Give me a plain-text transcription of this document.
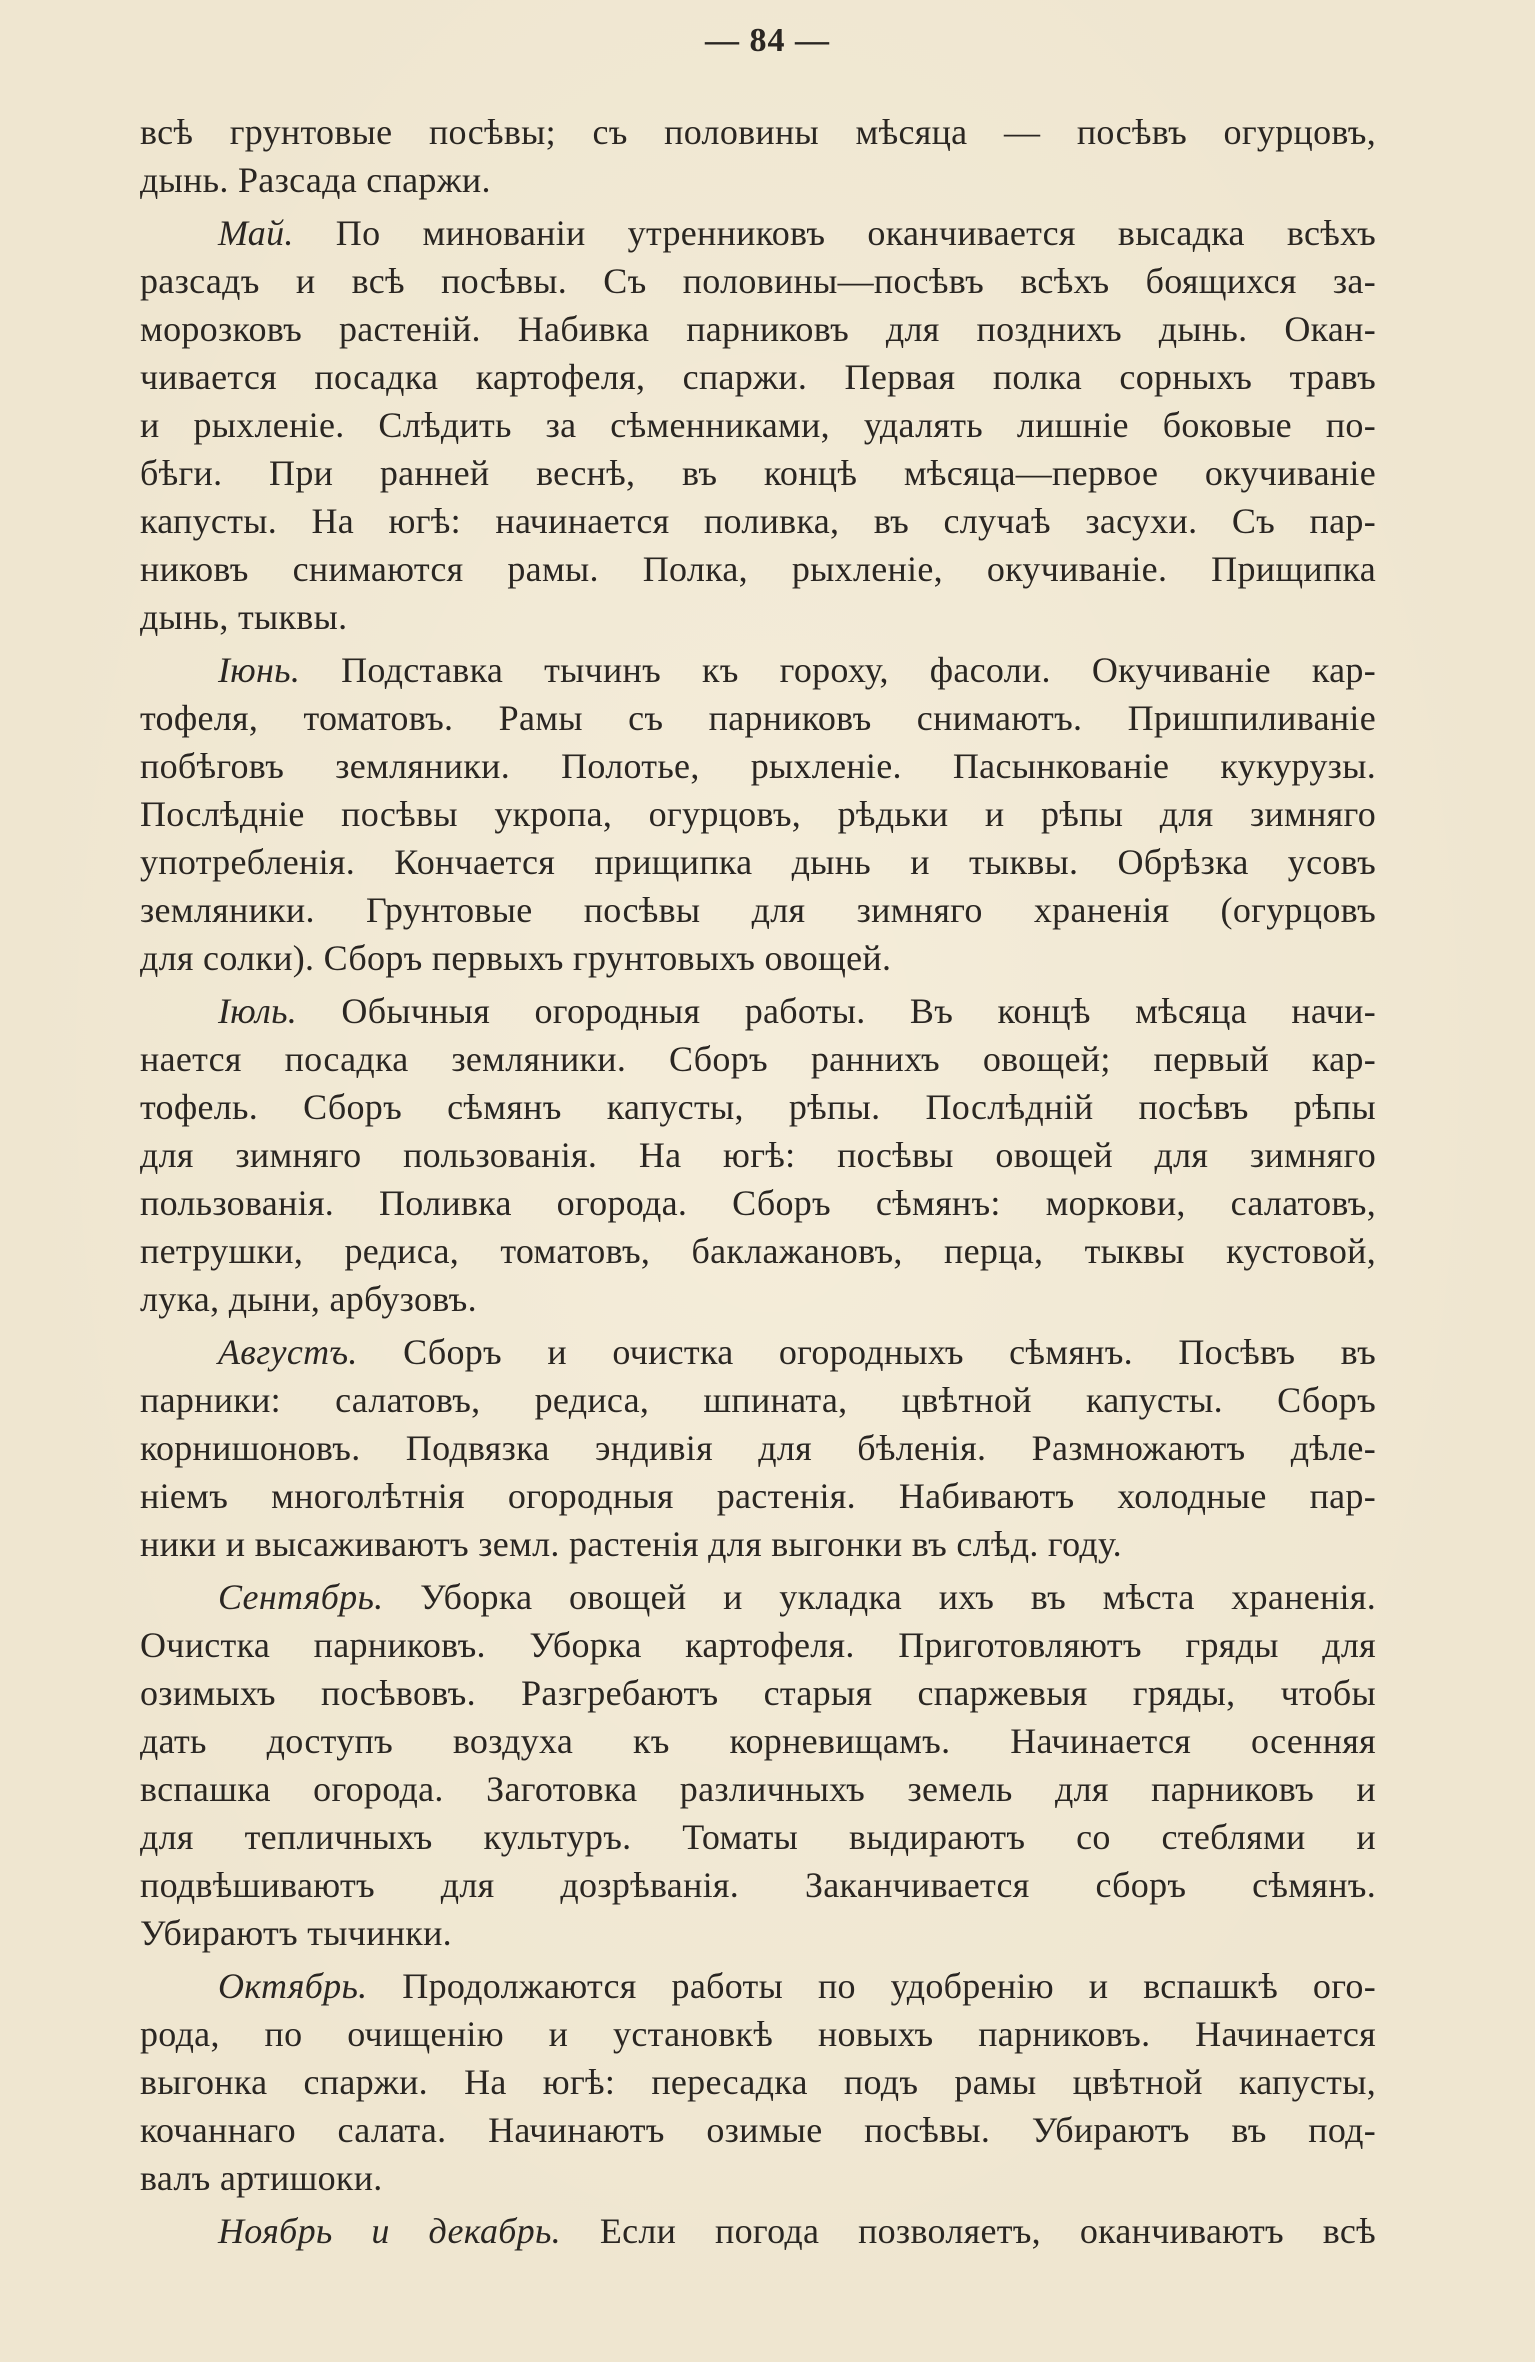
— 84 —
всѣ грунтовые посѣвы; съ половины мѣсяца — посѣвъ огурцовъ,
дынь. Разсада спаржи.
Май. По минованіи утренниковъ оканчивается высадка всѣхъ
разсадъ и всѣ посѣвы. Съ половины—посѣвъ всѣхъ боящихся за-
морозковъ растеній. Набивка парниковъ для позднихъ дынь. Окан-
чивается посадка картофеля, спаржи. Первая полка сорныхъ травъ
и рыхленіе. Слѣдить за сѣменниками, удалять лишніе боковые по-
бѣги. При ранней веснѣ, въ концѣ мѣсяца—первое окучиваніе
капусты. На югѣ: начинается поливка, въ случаѣ засухи. Съ пар-
никовъ снимаются рамы. Полка, рыхленіе, окучиваніе. Прищипка
дынь, тыквы.
Іюнь. Подставка тычинъ къ гороху, фасоли. Окучиваніе кар-
тофеля, томатовъ. Рамы съ парниковъ снимаютъ. Пришпиливаніе
побѣговъ земляники. Полотье, рыхленіе. Пасынкованіе кукурузы.
Послѣдніе посѣвы укропа, огурцовъ, рѣдьки и рѣпы для зимняго
употребленія. Кончается прищипка дынь и тыквы. Обрѣзка усовъ
земляники. Грунтовые посѣвы для зимняго храненія (огурцовъ
для солки). Сборъ первыхъ грунтовыхъ овощей.
Іюль. Обычныя огородныя работы. Въ концѣ мѣсяца начи-
нается посадка земляники. Сборъ раннихъ овощей; первый кар-
тофель. Сборъ сѣмянъ капусты, рѣпы. Послѣдній посѣвъ рѣпы
для зимняго пользованія. На югѣ: посѣвы овощей для зимняго
пользованія. Поливка огорода. Сборъ сѣмянъ: моркови, салатовъ,
петрушки, редиса, томатовъ, баклажановъ, перца, тыквы кустовой,
лука, дыни, арбузовъ.
Августъ. Сборъ и очистка огородныхъ сѣмянъ. Посѣвъ въ
парники: салатовъ, редиса, шпината, цвѣтной капусты. Сборъ
корнишоновъ. Подвязка эндивія для бѣленія. Размножаютъ дѣле-
ніемъ многолѣтнія огородныя растенія. Набиваютъ холодные пар-
ники и высаживаютъ земл. растенія для выгонки въ слѣд. году.
Сентябрь. Уборка овощей и укладка ихъ въ мѣста храненія.
Очистка парниковъ. Уборка картофеля. Приготовляютъ гряды для
озимыхъ посѣвовъ. Разгребаютъ старыя спаржевыя гряды, чтобы
дать доступъ воздуха къ корневищамъ. Начинается осенняя
вспашка огорода. Заготовка различныхъ земель для парниковъ и
для тепличныхъ культуръ. Томаты выдираютъ со стеблями и
подвѣшиваютъ для дозрѣванія. Заканчивается сборъ сѣмянъ.
Убираютъ тычинки.
Октябрь. Продолжаются работы по удобренію и вспашкѣ ого-
рода, по очищенію и установкѣ новыхъ парниковъ. Начинается
выгонка спаржи. На югѣ: пересадка подъ рамы цвѣтной капусты,
кочаннаго салата. Начинаютъ озимые посѣвы. Убираютъ въ под-
валъ артишоки.
Ноябрь и декабрь. Если погода позволяетъ, оканчиваютъ всѣ
